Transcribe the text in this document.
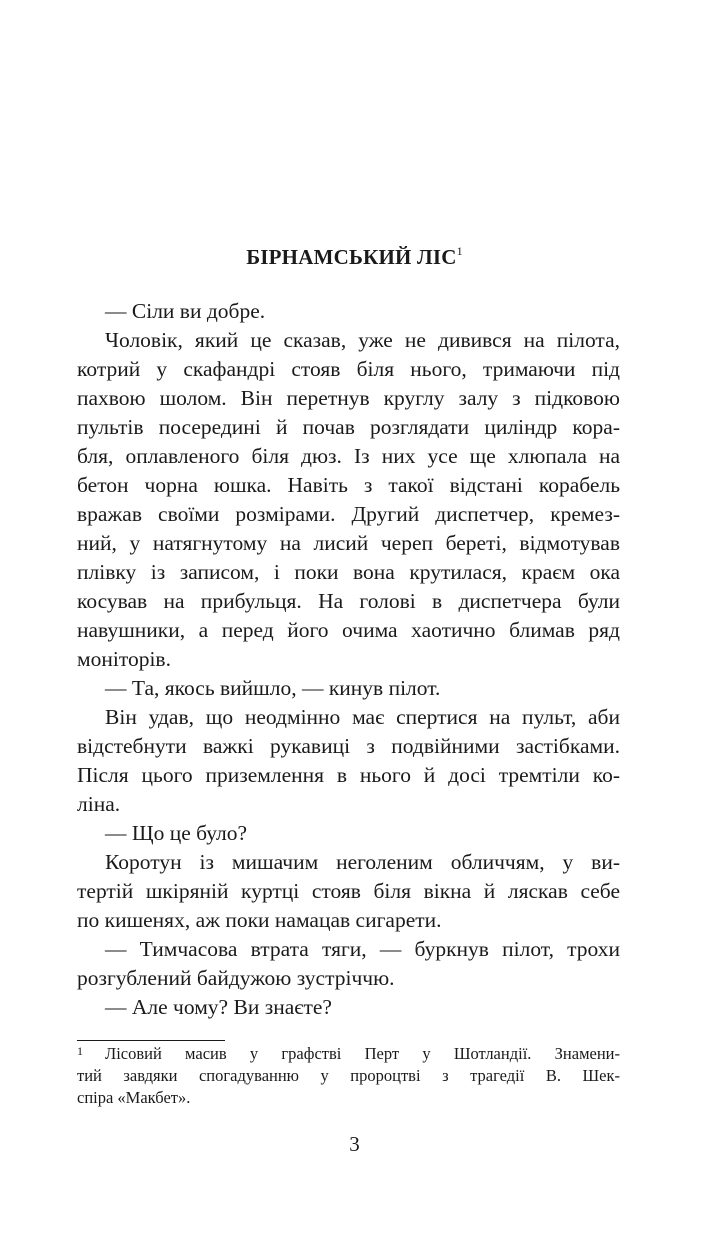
БІРНАМСЬКИЙ ЛІС$^1$
— Сіли ви добре.
Чоловік, який це сказав, уже не дивився на пілота,
котрий у скафандрі стояв біля нього, тримаючи під
пахвою шолом. Він перетнув круглу залу з підковою
пультів посередині й почав розглядати циліндр кора-
бля, оплавленого біля дюз. Із них усе ще хлюпала на
бетон чорна юшка. Навіть з такої відстані корабель
вражав своїми розмірами. Другий диспетчер, кремез-
ний, у натягнутому на лисий череп береті, відмотував
плівку із записом, і поки вона крутилася, краєм ока
косував на прибульця. На голові в диспетчера були
навушники, а перед його очима хаотично блимав ряд
моніторів.
— Та, якось вийшло, — кинув пілот.
Він удав, що неодмінно має спертися на пульт, аби
відстебнути важкі рукавиці з подвійними застібками.
Після цього приземлення в нього й досі тремтіли ко-
ліна.
— Що це було?
Коротун із мишачим неголеним обличчям, у ви-
тертій шкіряній куртці стояв біля вікна й ляскав себе
по кишенях, аж поки намацав сигарети.
— Тимчасова втрата тяги, — буркнув пілот, трохи
розгублений байдужою зустріччю.
— Але чому? Ви знаєте?
1 Лісовий масив у графстві Перт у Шотландії. Знамени-
тий завдяки спогадуванню у пророцтві з трагедії В. Шек-
спіра «Макбет».
3
